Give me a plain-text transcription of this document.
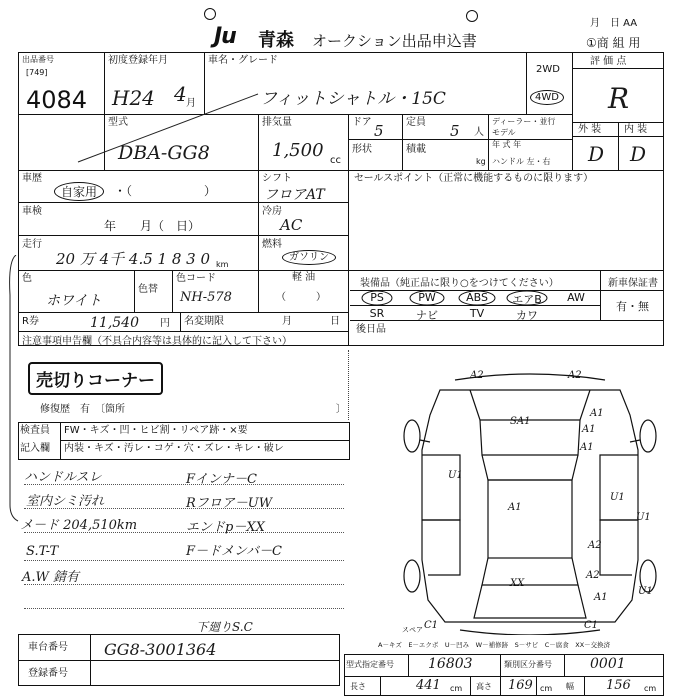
月　日 AA
Ju 青森 オークション出品申込書	①商 組 用
出品番号
[749]
4084
初度登録年月
H24 4 月
車名・グレード
フィットシャトル・15C
2WD
4WD
評 価 点
R
型式
DBA-GG8
排気量
1,500 cc
ドア 5 定員 5 人
ディーラー・並行
モデル
年 式 年
形状	積載
kg ハンドル 左・右
外 装 内 装
D D
車歴
自家用	・（　　　　　　）
シフト
フロアAT
セールスポイント（正常に機能するものに限ります）
車検
年　　月（　日）
冷房
AC
走行
20 万 4千 4.5 1 8 3 0 km
燃料
ガソリン
軽 油
（　　　）
色
ホワイト
色替
色コード
NH-578
装備品（純正品に限り○をつけてください）	新車保証書
有・無
PS	PW	ABS	エアB	AW
SR	ナビ	TV	カワ
R券	11,540 円 名変期限	月	日
後日品
注意事項申告欄（不具合内容等は具体的に記入して下さい）
売切りコーナー
修復歴　有　〔箇所	〕
検査員
記入欄
FW・キズ・凹・ヒビ割・リペア跡・×要
内装・キズ・汚レ・コゲ・穴・ズレ・キレ・破レ
ハンドルスレ
室内シミ汚れ
メ－ド 204,510km
S.T-T
A.W 錆有
Fインナ－C
Rフロア－UW
エンドp－XX
F－ドメンバ－C
下廻りS.C
A2	A2
SA1
A1
A1
A1
U1
A1
U1
A2
U1
A2
XX
A1
U1
C1
C1
スペア
A－キズ　E－エクボ　U－凹み　W－補修跡　S－サビ　C－腐食　XX－交換済
車台番号 GG8-3001364
登録番号
型式指定番号 16803	類別区分番号	0001
長さ	441 cm 高さ 169 cm 幅 156 cm
